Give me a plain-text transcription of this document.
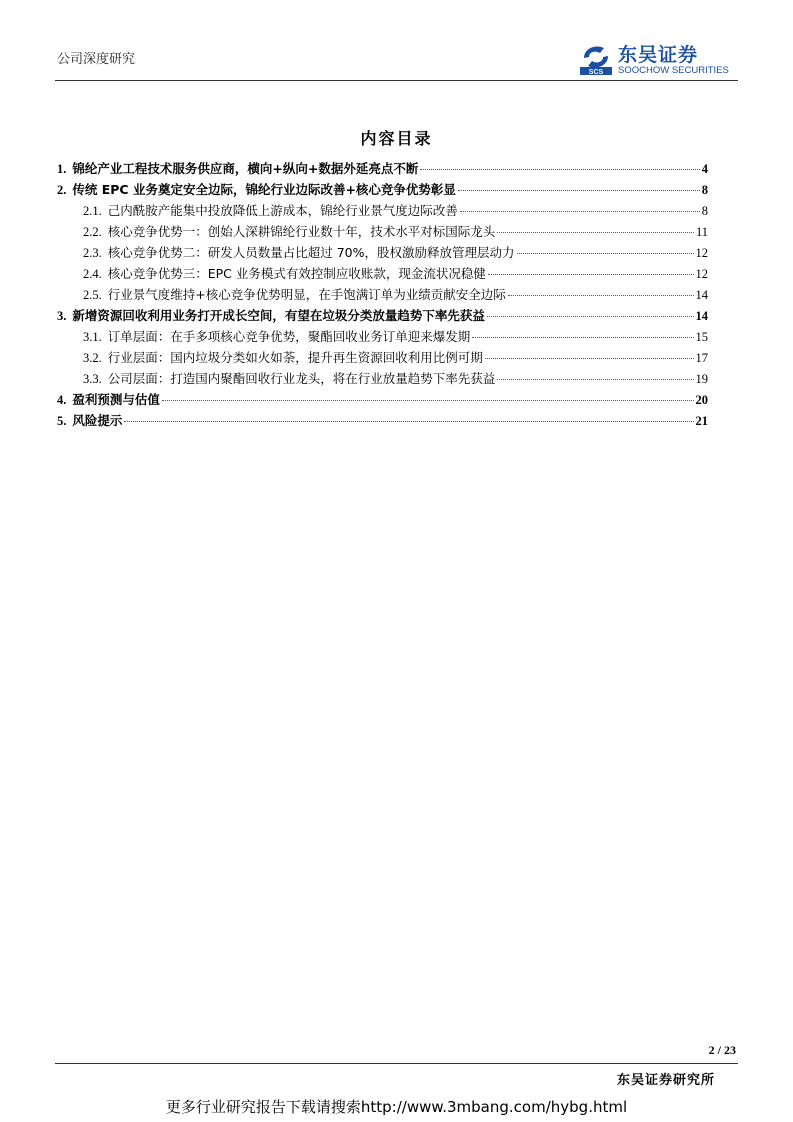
公司深度研究
SCS
东吴证券
SOOCHOW SECURITIES
内容目录
1. 锦纶产业工程技术服务供应商，横向+纵向+数据外延亮点不断	4
2. 传统 EPC 业务奠定安全边际，锦纶行业边际改善+核心竞争优势彰显	8
2.1. 己内酰胺产能集中投放降低上游成本，锦纶行业景气度边际改善	8
2.2. 核心竞争优势一：创始人深耕锦纶行业数十年，技术水平对标国际龙头	11
2.3. 核心竞争优势二：研发人员数量占比超过 70%，股权激励释放管理层动力	12
2.4. 核心竞争优势三：EPC 业务模式有效控制应收账款，现金流状况稳健	12
2.5. 行业景气度维持+核心竞争优势明显，在手饱满订单为业绩贡献安全边际	14
3. 新增资源回收利用业务打开成长空间，有望在垃圾分类放量趋势下率先获益	14
3.1. 订单层面：在手多项核心竞争优势，聚酯回收业务订单迎来爆发期	15
3.2. 行业层面：国内垃圾分类如火如荼，提升再生资源回收利用比例可期	17
3.3. 公司层面：打造国内聚酯回收行业龙头，将在行业放量趋势下率先获益	19
4. 盈利预测与估值	20
5. 风险提示	21
2 / 23
东吴证券研究所
更多行业研究报告下载请搜索http://www.3mbang.com/hybg.html
